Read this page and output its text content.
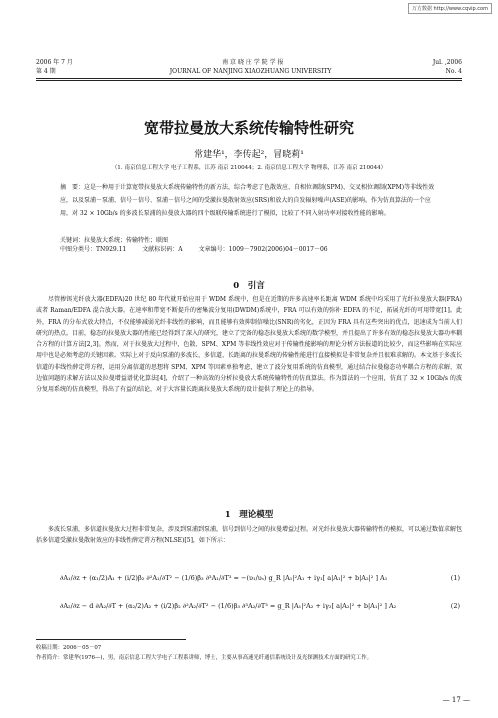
万方数据 http://www.cqvip.com
2006 年 7 月	南 京 晓 庄 学 院 学 报	Jul. ,2006
第 4 期	JOURNAL OF NANJING XIAOZHUANG UNIVERSITY	No. 4
宽带拉曼放大系统传输特性研究
常建华¹，李传起²，冒晓莉¹
（1. 南京信息工程大学 电子工程系，江苏 南京 210044；2. 南京信息工程大学 物理系，江苏 南京 210044）
摘　要：这是一种用于计算宽带拉曼放大系统传输特性的新方法，综合考虑了色散效应、自相位调制(SPM)、交叉相位调制(XPM)等非线性效应，以及泵浦－泵浦、信号－信号、泵浦－信号之间的受激拉曼散射效应(SRS)和放大的自发辐射噪声(ASE)的影响。作为仿真算法的一个应用，对 32 × 10Gb/s 的多波长泵浦的拉曼放大器的四个级联传输系统进行了模拟，比较了不同入射功率对接收性能的影响。
关键词：拉曼放大系统；传输特性；联图
中图分类号：TN929.11	文献标识码：A	文章编号：1009－7902(2006)04－0017－06
0　引言

尽管掺铒光纤放大器(EDFA)20 世纪 80 年代就开始应用于 WDM 系统中，但是在近期的许多高速率长距离 WDM 系统中均采用了光纤拉曼放大器(FRA)或者 Raman/EDFA 混合放大器。在速率和带宽不断提升的密集波分复用(DWDM)系统中，FRA 可以有效的弥补 EDFA 的不足，拓展光纤的可用带宽[1]。此外，FRA 的分布式放大特点，不仅能够减弱光纤非线性的影响，而且能够有效抑制信噪比(SNR)的劣化，正因为 FRA 具有这些突出的优点，迅速成为当前人们研究的热点。目前，稳态的拉曼放大器的性能已经得到了深入的研究，建立了完备的稳态拉曼放大系统的数学模型，并且提出了许多有效的稳态拉曼放大器功率耦合方程的计算方法[2,3]。然而，对于拉曼放大过程中，色散、SPM、XPM 等非线性效应对于传输性能影响的理论分析方法报道的比较少，而这些影响在实际应用中也是必须考虑的关键因素。实际上对于反向泵浦的多波长、多信道、长距离的拉曼系统的传输性能进行直接模拟是非常复杂并且很难求解的。本文基于多波长信道的非线性薛定谔方程，运用分离信道的思想将 SPM、XPM 等因素单独考虑，建立了波分复用系统的仿真模型，通过结合拉曼稳态功率耦合方程的求解、双边值问题的求解方法以及拉曼增益谱优化算法[4]，介绍了一种高效的分析拉曼放大系统传输特性的仿真算法。作为算法的一个应用，仿真了 32 × 10Gb/s 的波分复用系统的仿真模型，得出了有益的结论，对于大容量长距离拉曼放大系统的设计提供了理论上的指导。

1　理论模型

多波长泵浦，多信道拉曼放大过程非常复杂，涉及到泵浦到泵浦，信号到信号之间的拉曼增益过程。对光纤拉曼放大器传输特性的模拟，可以通过数值求解包括多信道受激拉曼散射效应的非线性薛定谔方程(NLSE)[5]，如下所示：

∂A₁/∂z + (α₁/2)A₁ + (i/2)β₂ ∂²A₁/∂T² − (1/6)β₃ ∂³A₁/∂T³ = −(υ₁/υₛ) g_R |A₁|²A₁ + iγ₁[ a|A₁|² + b|A₂|² ] A₁	(1)
∂A₂/∂z − d ∂A₂/∂T + (α₂/2)A₂ + (i/2)β₂ ∂²A₂/∂T² − (1/6)β₃ ∂³A₂/∂T³ = g_R |A₁|²A₂ + iγ₂[ a|A₂|² + b|A₁|² ] A₂	(2)
收稿日期：2006－05－07
作者简介：常建华(1976—)，男，南京信息工程大学电子工程系讲师，博士，主要从事高速光纤通信系统设计及光探测技术方面的研究工作。
— 17 —
